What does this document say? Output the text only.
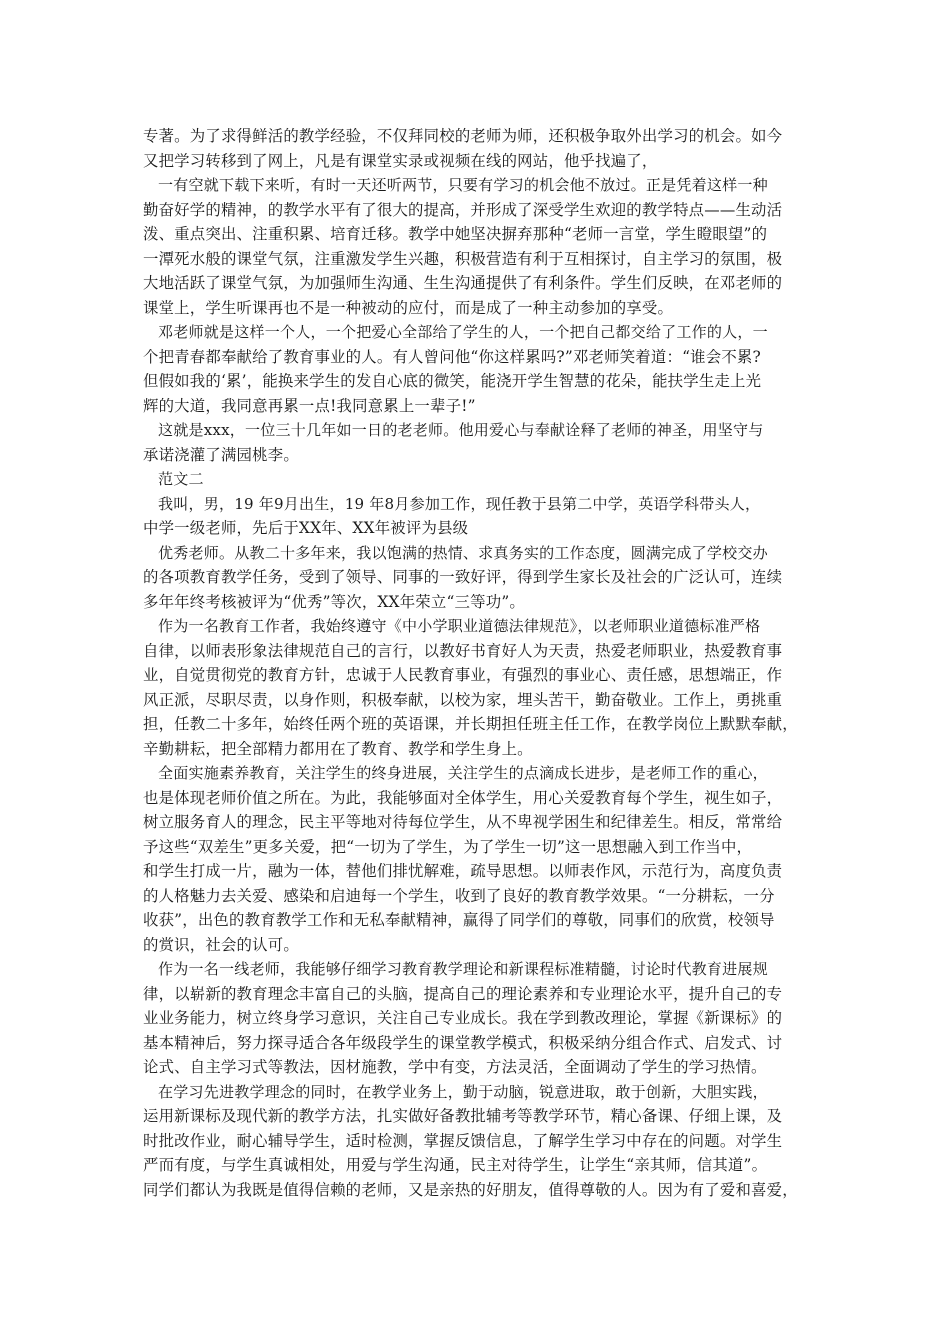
专著。为了求得鲜活的教学经验，不仅拜同校的老师为师，还积极争取外出学习的机会。如今
又把学习转移到了网上，凡是有课堂实录或视频在线的网站，他乎找遍了，
一有空就下载下来听，有时一天还听两节，只要有学习的机会他不放过。正是凭着这样一种
勤奋好学的精神，的教学水平有了很大的提高，并形成了深受学生欢迎的教学特点——生动活
泼、重点突出、注重积累、培育迁移。教学中她坚决摒弃那种“老师一言堂，学生瞪眼望”的
一潭死水般的课堂气氛，注重激发学生兴趣，积极营造有利于互相探讨，自主学习的氛围，极
大地活跃了课堂气氛，为加强师生沟通、生生沟通提供了有利条件。学生们反映，在邓老师的
课堂上，学生听课再也不是一种被动的应付，而是成了一种主动参加的享受。
邓老师就是这样一个人，一个把爱心全部给了学生的人，一个把自己都交给了工作的人，一
个把青春都奉献给了教育事业的人。有人曾问他“你这样累吗?”邓老师笑着道：“谁会不累?
但假如我的‘累’，能换来学生的发自心底的微笑，能浇开学生智慧的花朵，能扶学生走上光
辉的大道，我同意再累一点!我同意累上一辈子!”
这就是xxx，一位三十几年如一日的老老师。他用爱心与奉献诠释了老师的神圣，用坚守与
承诺浇灌了满园桃李。
范文二
我叫，男，19 年9月出生，19 年8月参加工作，现任教于县第二中学，英语学科带头人，
中学一级老师，先后于XX年、XX年被评为县级
优秀老师。从教二十多年来，我以饱满的热情、求真务实的工作态度，圆满完成了学校交办
的各项教育教学任务，受到了领导、同事的一致好评，得到学生家长及社会的广泛认可，连续
多年年终考核被评为“优秀”等次，XX年荣立“三等功”。
作为一名教育工作者，我始终遵守《中小学职业道德法律规范》，以老师职业道德标准严格
自律，以师表形象法律规范自己的言行，以教好书育好人为天责，热爱老师职业，热爱教育事
业，自觉贯彻党的教育方针，忠诚于人民教育事业，有强烈的事业心、责任感，思想端正，作
风正派，尽职尽责，以身作则，积极奉献，以校为家，埋头苦干，勤奋敬业。工作上，勇挑重
担，任教二十多年，始终任两个班的英语课，并长期担任班主任工作，在教学岗位上默默奉献，
辛勤耕耘，把全部精力都用在了教育、教学和学生身上。
全面实施素养教育，关注学生的终身进展，关注学生的点滴成长进步，是老师工作的重心，
也是体现老师价值之所在。为此，我能够面对全体学生，用心关爱教育每个学生，视生如子，
树立服务育人的理念，民主平等地对待每位学生，从不卑视学困生和纪律差生。相反，常常给
予这些“双差生”更多关爱，把“一切为了学生，为了学生一切”这一思想融入到工作当中，
和学生打成一片，融为一体，替他们排忧解难，疏导思想。以师表作风，示范行为，高度负责
的人格魅力去关爱、感染和启迪每一个学生，收到了良好的教育教学效果。“一分耕耘，一分
收获”，出色的教育教学工作和无私奉献精神，赢得了同学们的尊敬，同事们的欣赏，校领导
的赏识，社会的认可。
作为一名一线老师，我能够仔细学习教育教学理论和新课程标准精髓，讨论时代教育进展规
律，以崭新的教育理念丰富自己的头脑，提高自己的理论素养和专业理论水平，提升自己的专
业业务能力，树立终身学习意识，关注自己专业成长。我在学到教改理论，掌握《新课标》的
基本精神后，努力探寻适合各年级段学生的课堂教学模式，积极采纳分组合作式、启发式、讨
论式、自主学习式等教法，因材施教，学中有变，方法灵活，全面调动了学生的学习热情。
在学习先进教学理念的同时，在教学业务上，勤于动脑，锐意进取，敢于创新，大胆实践，
运用新课标及现代新的教学方法，扎实做好备教批辅考等教学环节，精心备课、仔细上课，及
时批改作业，耐心辅导学生，适时检测，掌握反馈信息，了解学生学习中存在的问题。对学生
严而有度，与学生真诚相处，用爱与学生沟通，民主对待学生，让学生“亲其师，信其道”。
同学们都认为我既是值得信赖的老师，又是亲热的好朋友，值得尊敬的人。因为有了爱和喜爱，
